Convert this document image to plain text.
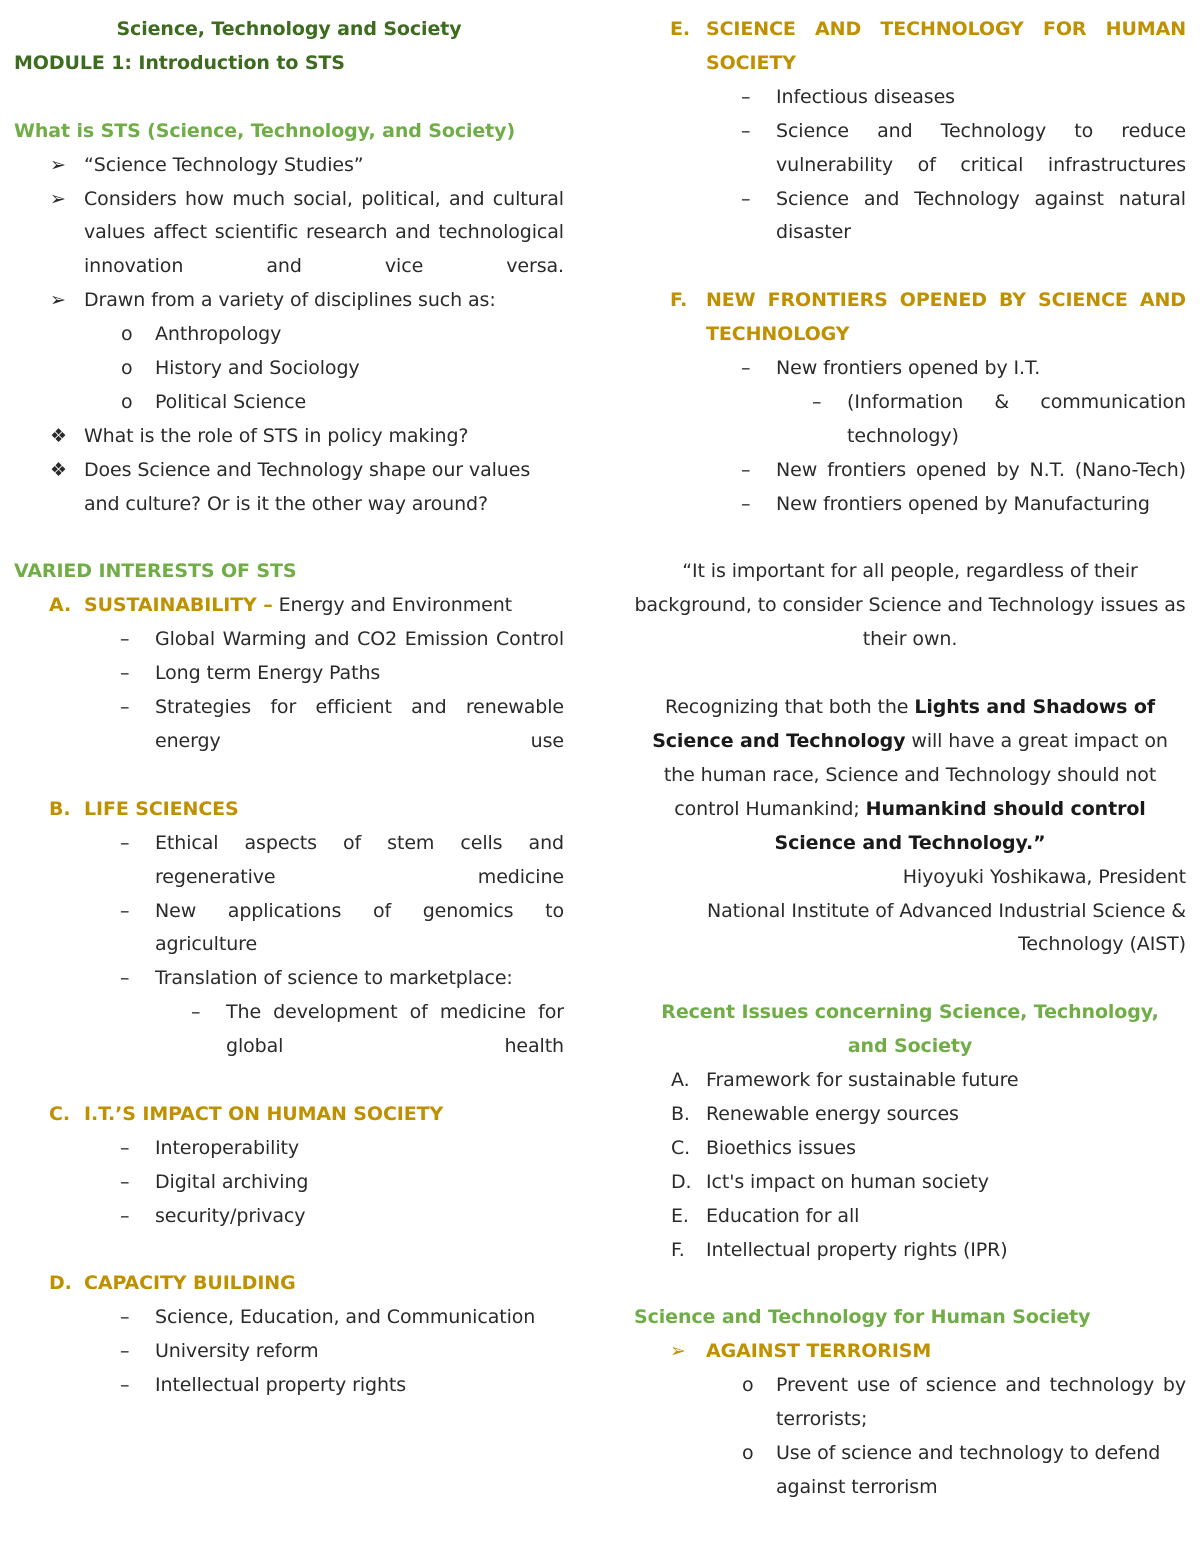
Science, Technology and Society
MODULE 1: Introduction to STS
What is STS (Science, Technology, and Society)
➢ “Science Technology Studies”
➢ Considers how much social, political, and cultural values affect scientific research and technological innovation and vice versa.
➢ Drawn from a variety of disciplines such as:
o Anthropology
o History and Sociology
o Political Science
❖ What is the role of STS in policy making?
❖ Does Science and Technology shape our values and culture? Or is it the other way around?
VARIED INTERESTS OF STS
A. SUSTAINABILITY – Energy and Environment
– Global Warming and CO2 Emission Control
– Long term Energy Paths
– Strategies for efficient and renewable energy use
B. LIFE SCIENCES
– Ethical aspects of stem cells and regenerative medicine
– New applications of genomics to agriculture
– Translation of science to marketplace:
– The development of medicine for global health
C. I.T.’S IMPACT ON HUMAN SOCIETY
– Interoperability
– Digital archiving
– security/privacy
D. CAPACITY BUILDING
– Science, Education, and Communication
– University reform
– Intellectual property rights
E. SCIENCE AND TECHNOLOGY FOR HUMAN
SOCIETY
– Infectious diseases
– Science and Technology to reduce vulnerability of critical infrastructures
– Science and Technology against natural disaster
F. NEW FRONTIERS OPENED BY SCIENCE AND
TECHNOLOGY
– New frontiers opened by I.T.
– (Information & communication technology)
– New frontiers opened by N.T. (Nano-Tech)
– New frontiers opened by Manufacturing
“It is important for all people, regardless of their background, to consider Science and Technology issues as their own.
Recognizing that both the Lights and Shadows of Science and Technology will have a great impact on the human race, Science and Technology should not control Humankind; Humankind should control Science and Technology.”
Hiyoyuki Yoshikawa, President
National Institute of Advanced Industrial Science & Technology (AIST)
Recent Issues concerning Science, Technology, and Society
A. Framework for sustainable future
B. Renewable energy sources
C. Bioethics issues
D. Ict's impact on human society
E. Education for all
F. Intellectual property rights (IPR)
Science and Technology for Human Society
➢ AGAINST TERRORISM
o Prevent use of science and technology by terrorists;
o Use of science and technology to defend against terrorism
